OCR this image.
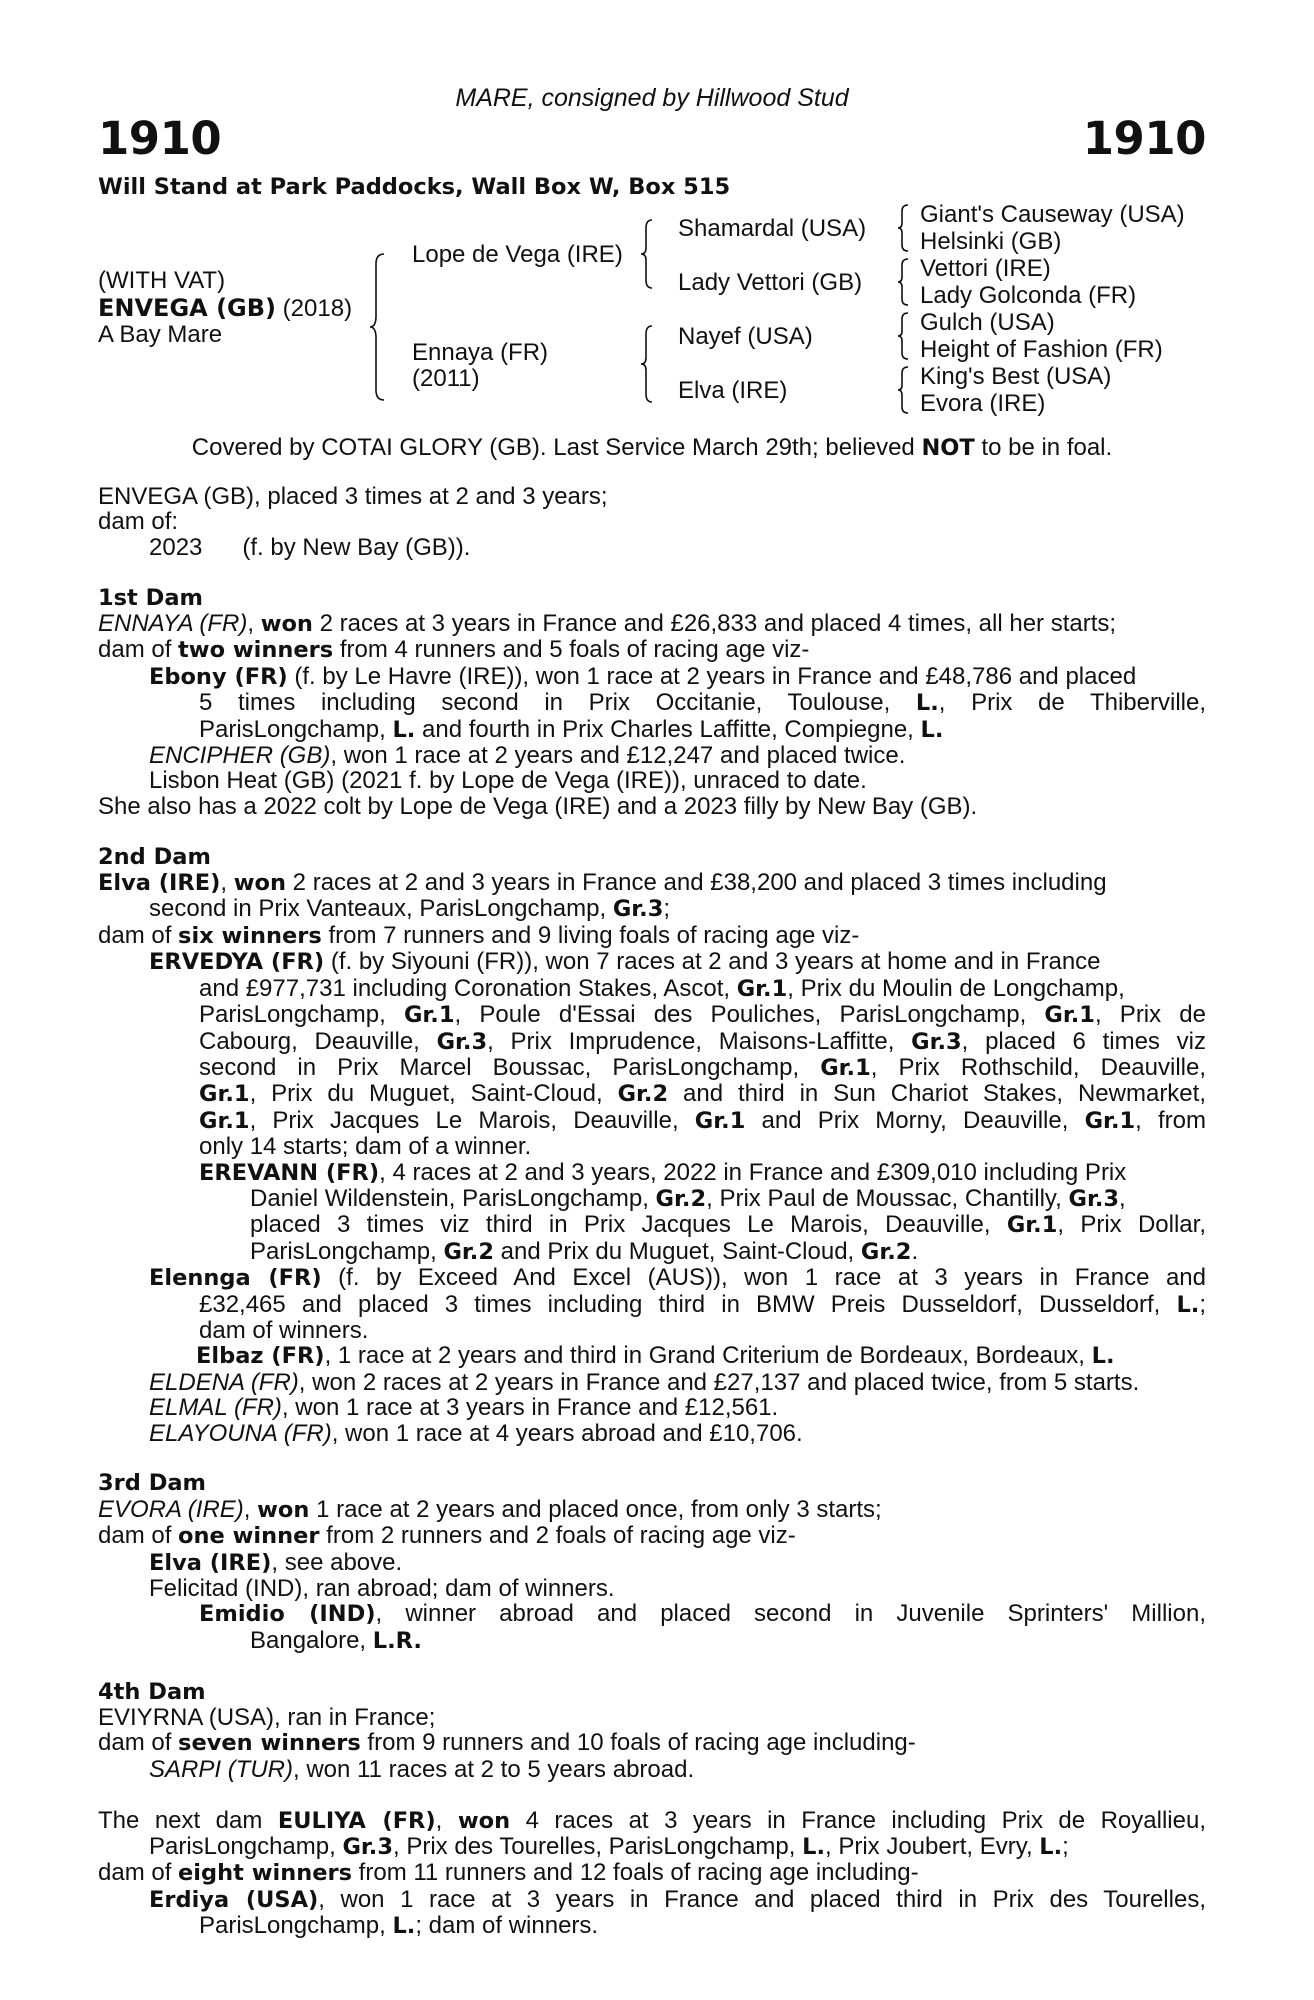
MARE, consigned by Hillwood Stud
1910	1910
Will Stand at Park Paddocks, Wall Box W, Box 515
(WITH VAT)
ENVEGA (GB) (2018)
A Bay Mare
Lope de Vega (IRE)
Ennaya (FR)
(2011)
Shamardal (USA)
Lady Vettori (GB)
Nayef (USA)
Elva (IRE)
Giant's Causeway (USA)
Helsinki (GB)
Vettori (IRE)
Lady Golconda (FR)
Gulch (USA)
Height of Fashion (FR)
King's Best (USA)
Evora (IRE)
Covered by COTAI GLORY (GB). Last Service March 29th; believed NOT to be in foal.
ENVEGA (GB), placed 3 times at 2 and 3 years;
dam of:
2023 (f. by New Bay (GB)).
1st Dam
ENNAYA (FR), won 2 races at 3 years in France and £26,833 and placed 4 times, all her starts;
dam of two winners from 4 runners and 5 foals of racing age viz-
Ebony (FR) (f. by Le Havre (IRE)), won 1 race at 2 years in France and £48,786 and placed
5 times including second in Prix Occitanie, Toulouse, L., Prix de Thiberville,
ParisLongchamp, L. and fourth in Prix Charles Laffitte, Compiegne, L.
ENCIPHER (GB), won 1 race at 2 years and £12,247 and placed twice.
Lisbon Heat (GB) (2021 f. by Lope de Vega (IRE)), unraced to date.
She also has a 2022 colt by Lope de Vega (IRE) and a 2023 filly by New Bay (GB).
2nd Dam
Elva (IRE), won 2 races at 2 and 3 years in France and £38,200 and placed 3 times including
second in Prix Vanteaux, ParisLongchamp, Gr.3;
dam of six winners from 7 runners and 9 living foals of racing age viz-
ERVEDYA (FR) (f. by Siyouni (FR)), won 7 races at 2 and 3 years at home and in France
and £977,731 including Coronation Stakes, Ascot, Gr.1, Prix du Moulin de Longchamp,
ParisLongchamp, Gr.1, Poule d'Essai des Pouliches, ParisLongchamp, Gr.1, Prix de
Cabourg, Deauville, Gr.3, Prix Imprudence, Maisons-Laffitte, Gr.3, placed 6 times viz
second in Prix Marcel Boussac, ParisLongchamp, Gr.1, Prix Rothschild, Deauville,
Gr.1, Prix du Muguet, Saint-Cloud, Gr.2 and third in Sun Chariot Stakes, Newmarket,
Gr.1, Prix Jacques Le Marois, Deauville, Gr.1 and Prix Morny, Deauville, Gr.1, from
only 14 starts; dam of a winner.
EREVANN (FR), 4 races at 2 and 3 years, 2022 in France and £309,010 including Prix
Daniel Wildenstein, ParisLongchamp, Gr.2, Prix Paul de Moussac, Chantilly, Gr.3,
placed 3 times viz third in Prix Jacques Le Marois, Deauville, Gr.1, Prix Dollar,
ParisLongchamp, Gr.2 and Prix du Muguet, Saint-Cloud, Gr.2.
Elennga (FR) (f. by Exceed And Excel (AUS)), won 1 race at 3 years in France and
£32,465 and placed 3 times including third in BMW Preis Dusseldorf, Dusseldorf, L.;
dam of winners.
Elbaz (FR), 1 race at 2 years and third in Grand Criterium de Bordeaux, Bordeaux, L.
ELDENA (FR), won 2 races at 2 years in France and £27,137 and placed twice, from 5 starts.
ELMAL (FR), won 1 race at 3 years in France and £12,561.
ELAYOUNA (FR), won 1 race at 4 years abroad and £10,706.
3rd Dam
EVORA (IRE), won 1 race at 2 years and placed once, from only 3 starts;
dam of one winner from 2 runners and 2 foals of racing age viz-
Elva (IRE), see above.
Felicitad (IND), ran abroad; dam of winners.
Emidio (IND), winner abroad and placed second in Juvenile Sprinters' Million,
Bangalore, L.R.
4th Dam
EVIYRNA (USA), ran in France;
dam of seven winners from 9 runners and 10 foals of racing age including-
SARPI (TUR), won 11 races at 2 to 5 years abroad.
The next dam EULIYA (FR), won 4 races at 3 years in France including Prix de Royallieu,
ParisLongchamp, Gr.3, Prix des Tourelles, ParisLongchamp, L., Prix Joubert, Evry, L.;
dam of eight winners from 11 runners and 12 foals of racing age including-
Erdiya (USA), won 1 race at 3 years in France and placed third in Prix des Tourelles,
ParisLongchamp, L.; dam of winners.
